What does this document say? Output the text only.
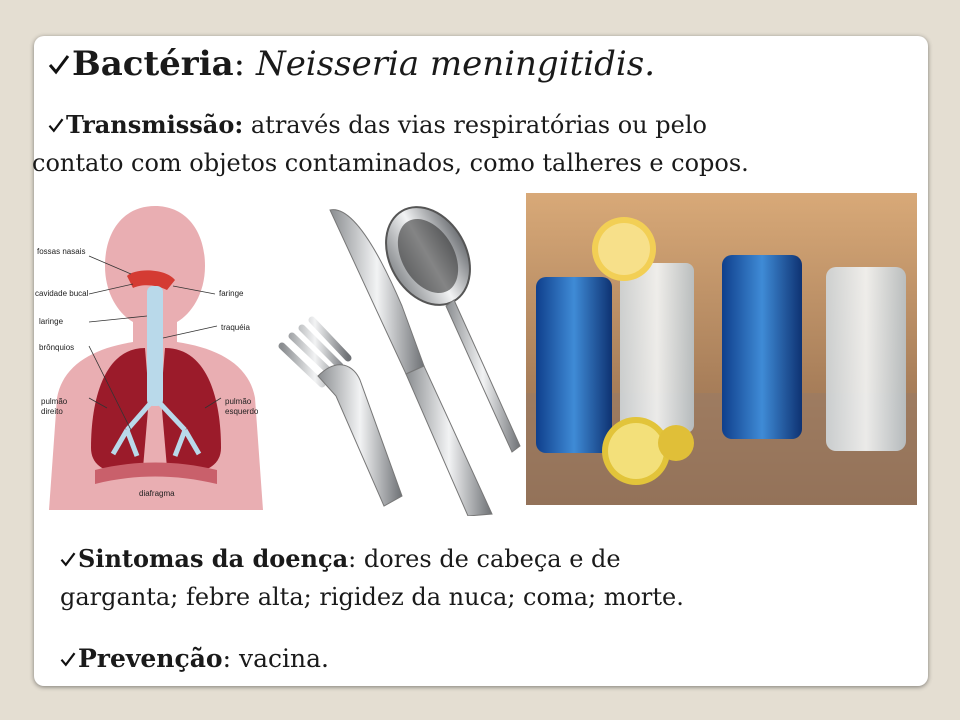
Bactéria: Neisseria meningitidis.
Transmissão: através das vias respiratórias ou pelo
contato com objetos contaminados, como talheres e copos.
fossas nasais
cavidade bucal	faringe
laringe
traquéia
brônquios
pulmão
direito
pulmão
esquerdo
diafragma
Sintomas da doença: dores de cabeça e de
garganta; febre alta; rigidez da nuca; coma; morte.
Prevenção: vacina.
